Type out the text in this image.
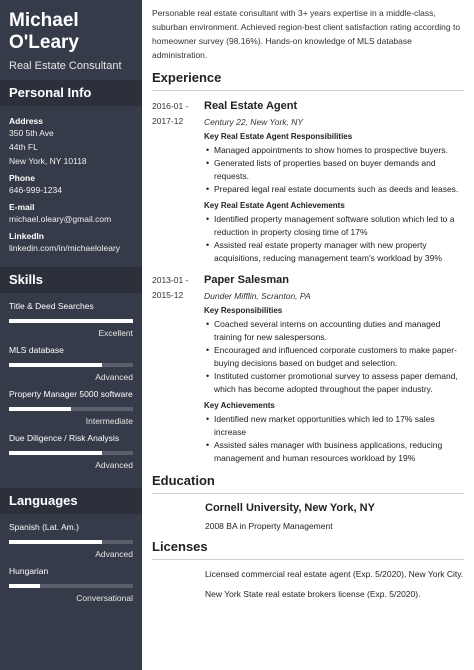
Michael
O'Leary
Real Estate Consultant
Personal Info
Address
350 5th Ave
44th FL
New York, NY 10118
Phone
646-999-1234
E-mail
michael.oleary@gmail.com
LinkedIn
linkedin.com/in/michaeloleary
Skills
Title & Deed Searches
Excellent
MLS database
Advanced
Property Manager 5000 software
Intermediate
Due Diligence / Risk Analysis
Advanced
Languages
Spanish (Lat. Am.)
Advanced
Hungarian
Conversational
Personable real estate consultant with 3+ years expertise in a middle-class, suburban environment. Achieved region-best client satisfaction rating according to homeowner survey (98.16%). Hands-on knowledge of MLS database administration.
Experience
2016-01 -
2017-12
Real Estate Agent
Century 22, New York, NY
Key Real Estate Agent Responsibilities
• Managed appointments to show homes to prospective buyers.
• Generated lists of properties based on buyer demands and requests.
• Prepared legal real estate documents such as deeds and leases.
Key Real Estate Agent Achievements
• Identified property management software solution which led to a reduction in property closing time of 17%
• Assisted real estate property manager with new property acquisitions, reducing management team's workload by 39%
2013-01 -
2015-12
Paper Salesman
Dunder Mifflin, Scranton, PA
Key Responsibilities
• Coached several interns on accounting duties and managed training for new salespersons.
• Encouraged and influenced corporate customers to make paper-buying decisions based on budget and selection.
• Instituted customer promotional survey to assess paper demand, which has become adopted throughout the paper industry.
Key Achievements
• Identified new market opportunities which led to 17% sales increase
• Assisted sales manager with business applications, reducing management and human resources workload by 19%
Education
Cornell University, New York, NY
2008 BA in Property Management
Licenses
Licensed commercial real estate agent (Exp. 5/2020), New York City.
New York State real estate brokers license (Exp. 5/2020).
